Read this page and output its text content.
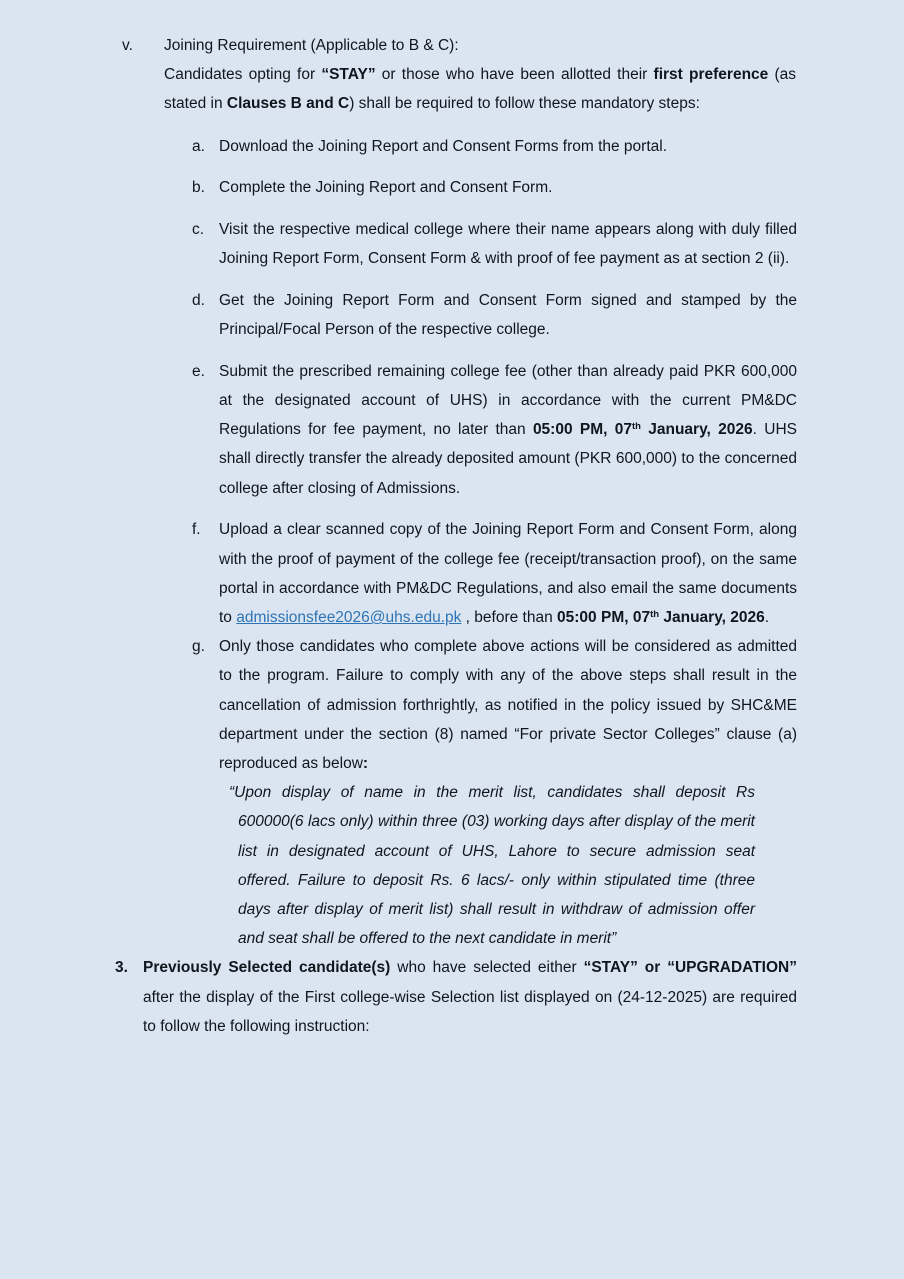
v.	Joining Requirement (Applicable to B & C):

Candidates opting for “STAY” or those who have been allotted their first preference (as stated in Clauses B and C) shall be required to follow these mandatory steps:

a. Download the Joining Report and Consent Forms from the portal.
b. Complete the Joining Report and Consent Form.
c. Visit the respective medical college where their name appears along with duly filled Joining Report Form, Consent Form & with proof of fee payment as at section 2 (ii).
d. Get the Joining Report Form and Consent Form signed and stamped by the Principal/Focal Person of the respective college.
e. Submit the prescribed remaining college fee (other than already paid PKR 600,000 at the designated account of UHS) in accordance with the current PM&DC Regulations for fee payment, no later than 05:00 PM, 07th January, 2026. UHS shall directly transfer the already deposited amount (PKR 600,000) to the concerned college after closing of Admissions.
f.	Upload a clear scanned copy of the Joining Report Form and Consent Form, along with the proof of payment of the college fee (receipt/transaction proof), on the same portal in accordance with PM&DC Regulations, and also email the same documents to admissionsfee2026@uhs.edu.pk , before than 05:00 PM, 07th January, 2026.
g. Only those candidates who complete above actions will be considered as admitted to the program. Failure to comply with any of the above steps shall result in the cancellation of admission forthrightly, as notified in the policy issued by SHC&ME department under the section (8) named “For private Sector Colleges” clause (a) reproduced as below:
“Upon display of name in the merit list, candidates shall deposit Rs 600000(6 lacs only) within three (03) working days after display of the merit list in designated account of UHS, Lahore to secure admission seat offered. Failure to deposit Rs. 6 lacs/- only within stipulated time (three days after display of merit list) shall result in withdraw of admission offer and seat shall be offered to the next candidate in merit”
3. Previously Selected candidate(s) who have selected either “STAY” or “UPGRADATION” after the display of the First college-wise Selection list displayed on (24-12-2025) are required to follow the following instruction:
